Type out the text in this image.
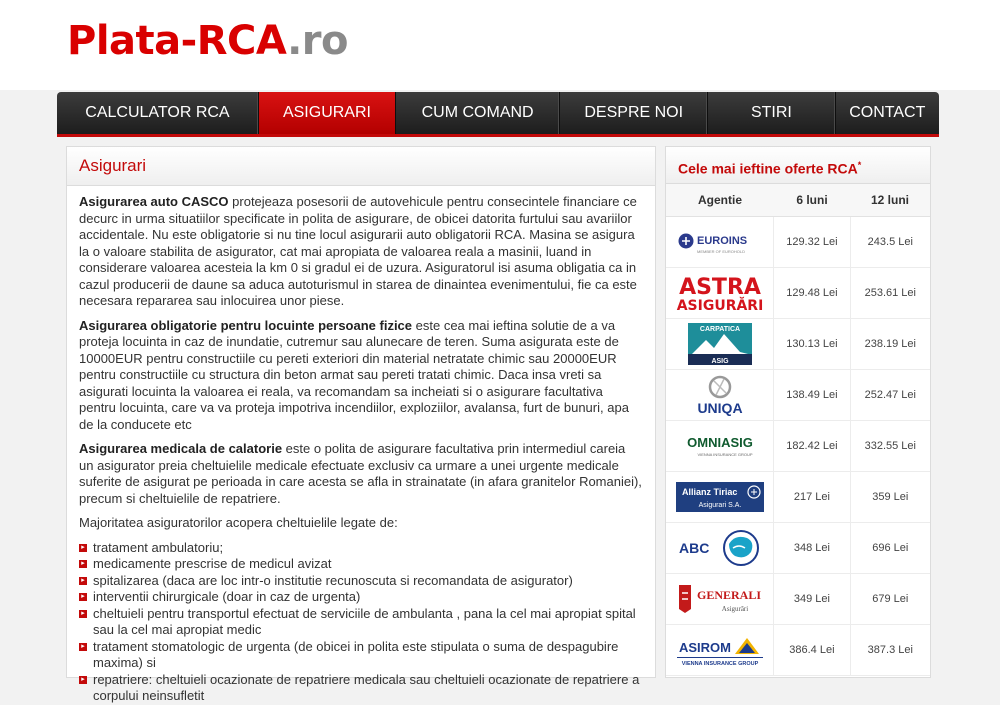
Plata-RCA.ro
CALCULATOR RCA	ASIGURARI	CUM COMAND	DESPRE NOI	STIRI	CONTACT
Asigurari

Asigurarea auto CASCO protejeaza posesorii de autovehicule pentru consecintele financiare ce decurc in urma situatiilor specificate in polita de asigurare, de obicei datorita furtului sau avariilor accidentale. Nu este obligatorie si nu tine locul asigurarii auto obligatorii RCA. Masina se asigura la o valoare stabilita de asigurator, cat mai apropiata de valoarea reala a masinii, luand in considerare valoarea acesteia la km 0 si gradul ei de uzura. Asiguratorul isi asuma obligatia ca in cazul producerii de daune sa aduca autoturismul in starea de dinaintea evenimentului, fie ca este necesara repararea sau inlocuirea unor piese.

Asigurarea obligatorie pentru locuinte persoane fizice este cea mai ieftina solutie de a va proteja locuinta in caz de inundatie, cutremur sau alunecare de teren. Suma asigurata este de 10000EUR pentru constructiile cu pereti exteriori din material netratate chimic sau 20000EUR pentru constructiile cu structura din beton armat sau pereti tratati chimic. Daca insa vreti sa asigurati locuinta la valoarea ei reala, va recomandam sa incheiati si o asigurare facultativa pentru locuinta, care va va proteja impotriva incendiilor, exploziilor, avalansa, furt de bunuri, apa de la conducete etc

Asigurarea medicala de calatorie este o polita de asigurare facultativa prin intermediul careia un asigurator preia cheltuielile medicale efectuate exclusiv ca urmare a unei urgente medicale suferite de asigurat pe perioada in care acesta se afla in strainatate (in afara granitelor Romaniei), precum si cheltuielile de repatriere.

Majoritatea asiguratorilor acopera cheltuielile legate de:

▸ tratament ambulatoriu;
▸ medicamente prescrise de medicul avizat
▸ spitalizarea (daca are loc intr-o institutie recunoscuta si recomandata de asigurator)
▸ interventii chirurgicale (doar in caz de urgenta)
▸ cheltuieli pentru transportul efectuat de serviciile de ambulanta , pana la cel mai apropiat spital sau la cel mai apropiat medic
▸ tratament stomatologic de urgenta (de obicei in polita este stipulata o suma de despagubire maxima) si
▸ repatriere: cheltuieli ocazionate de repatriere medicala sau cheltuieli ocazionate de repatriere a corpului neinsufletit
Cele mai ieftine oferte RCA*
Agentie	6 luni	12 luni
EUROINS
MEMBER OF EUROHOLD
129.32 Lei	243.5 Lei
ASTRA
ASIGURĂRI
129.48 Lei	253.61 Lei
CARPATICA
ASIG
130.13 Lei	238.19 Lei
UNIQA
138.49 Lei	252.47 Lei
OMNIASIG
VIENNA INSURANCE GROUP
182.42 Lei	332.55 Lei
Allianz Tiriac
Asigurari S.A.
217 Lei	359 Lei
ABC	348 Lei	696 Lei
GENERALI
Asigurări
349 Lei	679 Lei
ASIROM
VIENNA INSURANCE GROUP
386.4 Lei	387.3 Lei
